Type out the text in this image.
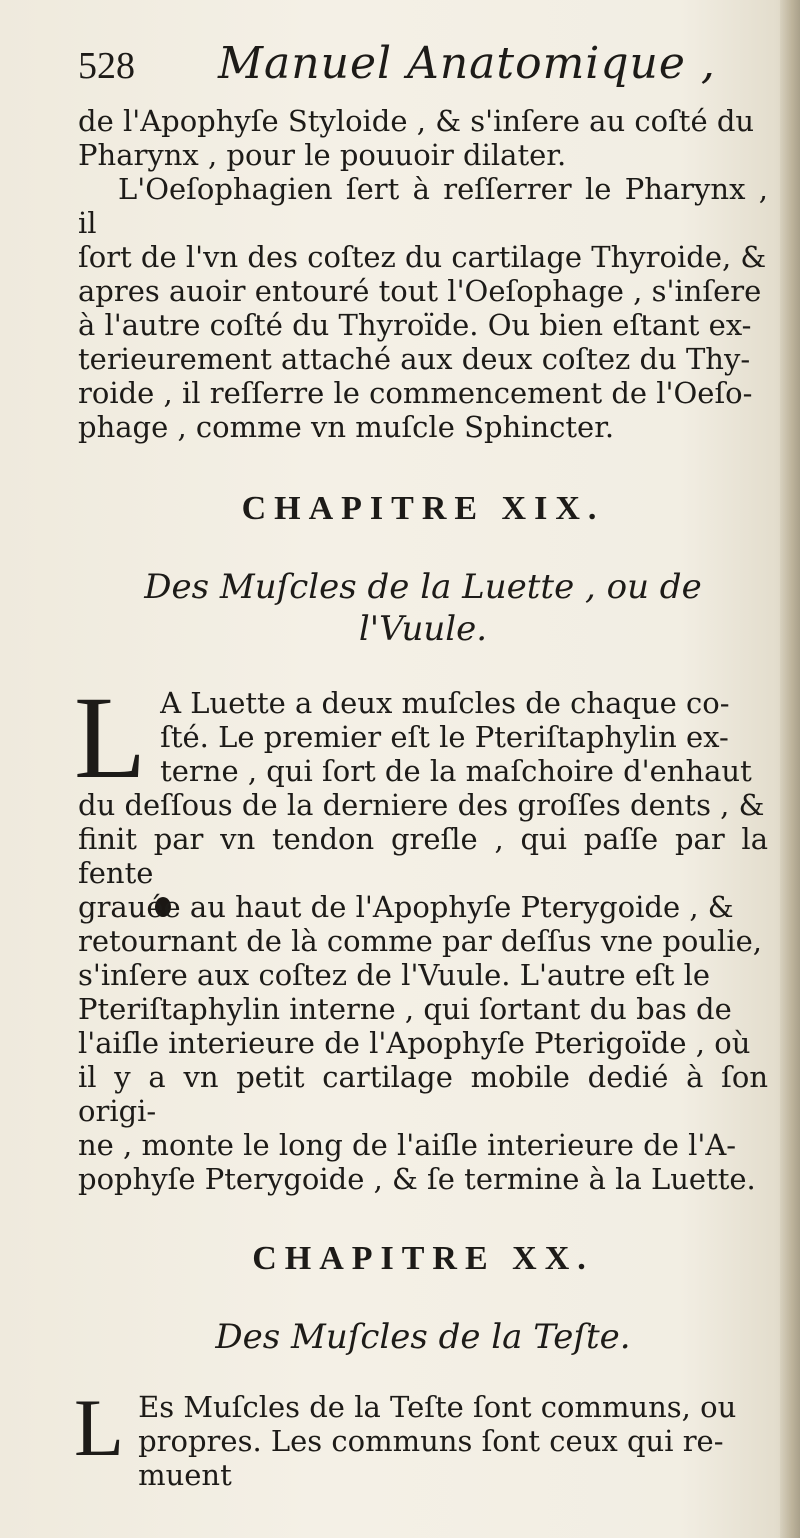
528	Manuel Anatomique ,

de l'Apophyſe Styloide , & s'inſere au coſté du
Pharynx , pour le pouuoir dilater.

L'Oeſophagien ſert à reſſerrer le Pharynx , il
ſort de l'vn des coſtez du cartilage Thyroide, &
apres auoir entouré tout l'Oeſophage , s'inſere
à l'autre coſté du Thyroïde. Ou bien eſtant ex-
terieurement attaché aux deux coſtez du Thy-
roide , il reſſerre le commencement de l'Oeſo-
phage , comme vn muſcle Sphincter.

CHAPITRE XIX.

Des Muſcles de la Luette , ou de
l'Vuule.

L A Luette a deux muſcles de chaque co-
ſté. Le premier eſt le Pteriſtaphylin ex-
terne , qui ſort de la maſchoire d'enhaut
du deſſous de la derniere des groſſes dents , &
finit par vn tendon greſle , qui paſſe par la fente
grauée au haut de l'Apophyſe Pterygoide , &
retournant de là comme par deſſus vne poulie,
s'inſere aux coſtez de l'Vuule. L'autre eſt le
Pteriſtaphylin interne , qui ſortant du bas de
l'aiſle interieure de l'Apophyſe Pterigoïde , où
il y a vn petit cartilage mobile dedié à ſon origi-
ne , monte le long de l'aiſle interieure de l'A-
pophyſe Pterygoide , & ſe termine à la Luette.

CHAPITRE XX.

Des Muſcles de la Teſte.

L Es Muſcles de la Teſte ſont communs, ou
propres. Les communs ſont ceux qui re-

muent
